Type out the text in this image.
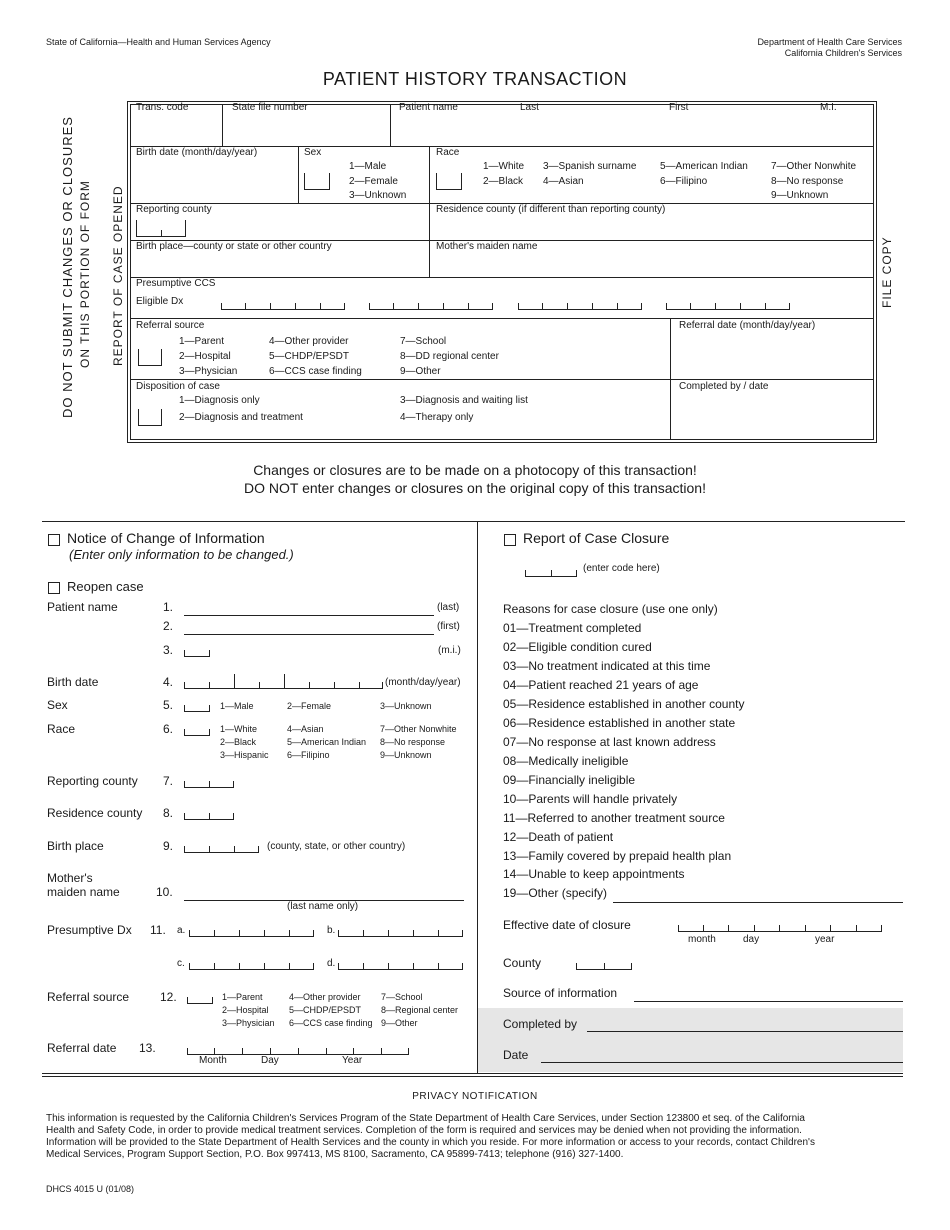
State of California—Health and Human Services Agency	Department of Health Care Services
California Children's Services
PATIENT HISTORY TRANSACTION
DO NOT SUBMIT CHANGES OR CLOSURES ON THIS PORTION OF FORM REPORT OF CASE OPENED	FILE COPY
Trans. code	State file number	Patient name	Last	First	M.I.
Birth date (month/day/year)	Sex
1—Male
2—Female
3—Unknown
Race
1—White
2—Black
3—Spanish surname
4—Asian
5—American Indian
6—Filipino
7—Other Nonwhite
8—No response
9—Unknown
Reporting county	Residence county (if different than reporting county)
Birth place—county or state or other country	Mother's maiden name
Presumptive CCS
Eligible Dx
Referral source
1—Parent
2—Hospital
3—Physician
4—Other provider
5—CHDP/EPSDT
6—CCS case finding
7—School
8—DD regional center
9—Other
Referral date (month/day/year)
Disposition of case
1—Diagnosis only
2—Diagnosis and treatment
3—Diagnosis and waiting list
4—Therapy only
Completed by / date
Changes or closures are to be made on a photocopy of this transaction!
DO NOT enter changes or closures on the original copy of this transaction!
Notice of Change of Information
(Enter only information to be changed.)
Reopen case
Patient name	1.	(last)
2.	(first)
3.	(m.i.)
Birth date	4.	(month/day/year)
Sex	5.	1—Male	2—Female	3—Unknown
Race	6.	1—White
2—Black
3—Hispanic
4—Asian
5—American Indian
6—Filipino
7—Other Nonwhite
8—No response
9—Unknown
Reporting county 7.
Residence county 8.
Birth place	9.	(county, state, or other country)
Mother's
maiden name	10.
(last name only)
Presumptive Dx 11. a.	b.
c.	d.
Referral source	12.	1—Parent
2—Hospital
3—Physician
4—Other provider
5—CHDP/EPSDT
6—CCS case finding
7—School
8—Regional center
9—Other
Referral date 13.
Month	Day	Year
Report of Case Closure
(enter code here)
Reasons for case closure (use one only)
01—Treatment completed
02—Eligible condition cured
03—No treatment indicated at this time
04—Patient reached 21 years of age
05—Residence established in another county
06—Residence established in another state
07—No response at last known address
08—Medically ineligible
09—Financially ineligible
10—Parents will handle privately
11—Referred to another treatment source
12—Death of patient
13—Family covered by prepaid health plan
14—Unable to keep appointments
19—Other (specify)
Effective date of closure
month	day	year
County
Source of information
Completed by
Date
PRIVACY NOTIFICATION
This information is requested by the California Children's Services Program of the State Department of Health Care Services, under Section 123800 et seq. of the California
Health and Safety Code, in order to provide medical treatment services. Completion of the form is required and services may be denied when not providing the information.
Information will be provided to the State Department of Health Services and the county in which you reside. For more information or access to your records, contact Children's
Medical Services, Program Support Section, P.O. Box 997413, MS 8100, Sacramento, CA 95899-7413; telephone (916) 327-1400.
DHCS 4015 U (01/08)
